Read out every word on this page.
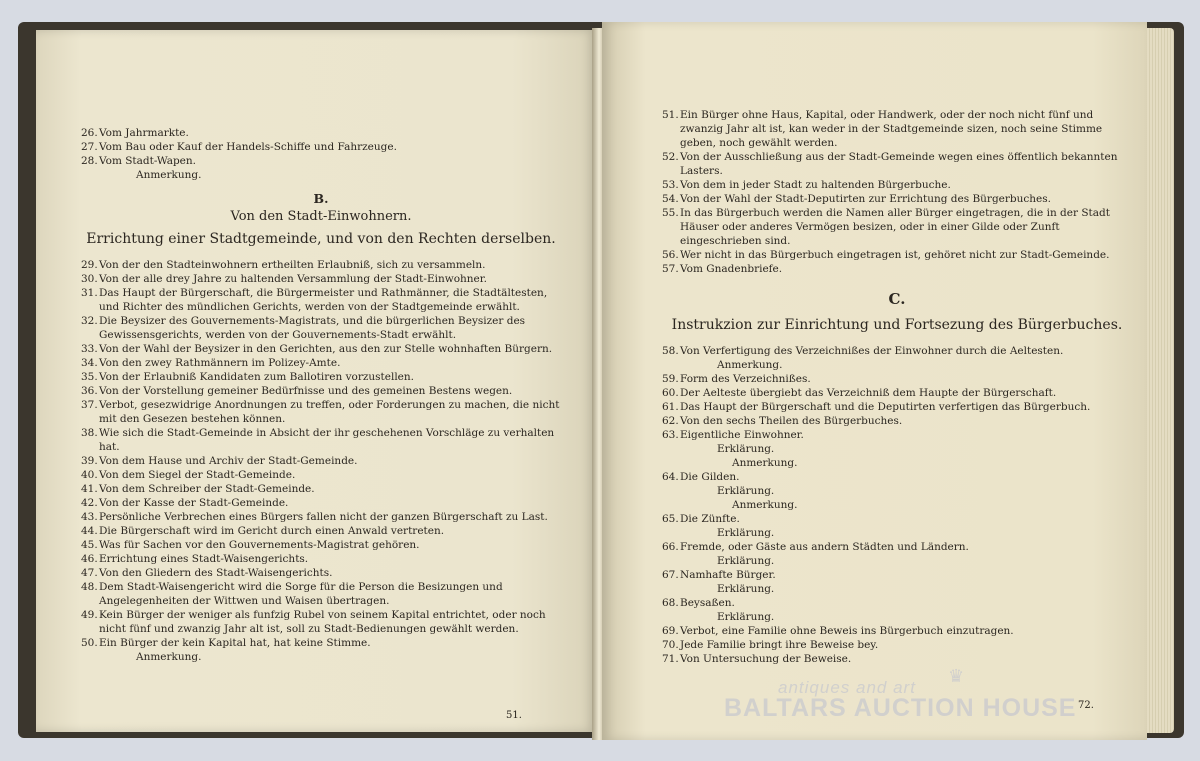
26. Vom Jahrmarkte.
27. Vom Bau oder Kauf der Handels-Schiffe und Fahrzeuge.
28. Vom Stadt-Wapen.
Anmerkung.
B.
Von den Stadt-Einwohnern.
Errichtung einer Stadtgemeinde, und von den Rechten derselben.
29. Von der den Stadteinwohnern ertheilten Erlaubniß, sich zu versammeln.
30. Von der alle drey Jahre zu haltenden Versammlung der Stadt-Einwohner.
31. Das Haupt der Bürgerschaft, die Bürgermeister und Rathmänner, die Stadtältesten, und Richter des mündlichen Gerichts, werden von der Stadtgemeinde erwählt.
32. Die Beysizer des Gouvernements-Magistrats, und die bürgerlichen Beysizer des Gewissensgerichts, werden von der Gouvernements-Stadt erwählt.
33. Von der Wahl der Beysizer in den Gerichten, aus den zur Stelle wohnhaften Bürgern.
34. Von den zwey Rathmännern im Polizey-Amte.
35. Von der Erlaubniß Kandidaten zum Ballotiren vorzustellen.
36. Von der Vorstellung gemeiner Bedürfnisse und des gemeinen Bestens wegen.
37. Verbot, gesezwidrige Anordnungen zu treffen, oder Forderungen zu machen, die nicht mit den Gesezen bestehen können.
38. Wie sich die Stadt-Gemeinde in Absicht der ihr geschehenen Vorschläge zu verhalten hat.
39. Von dem Hause und Archiv der Stadt-Gemeinde.
40. Von dem Siegel der Stadt-Gemeinde.
41. Von dem Schreiber der Stadt-Gemeinde.
42. Von der Kasse der Stadt-Gemeinde.
43. Persönliche Verbrechen eines Bürgers fallen nicht der ganzen Bürgerschaft zu Last.
44. Die Bürgerschaft wird im Gericht durch einen Anwald vertreten.
45. Was für Sachen vor den Gouvernements-Magistrat gehören.
46. Errichtung eines Stadt-Waisengerichts.
47. Von den Gliedern des Stadt-Waisengerichts.
48. Dem Stadt-Waisengericht wird die Sorge für die Person die Besizungen und Angelegenheiten der Wittwen und Waisen übertragen.
49. Kein Bürger der weniger als funfzig Rubel von seinem Kapital entrichtet, oder noch nicht fünf und zwanzig Jahr alt ist, soll zu Stadt-Bedienungen gewählt werden.
50. Ein Bürger der kein Kapital hat, hat keine Stimme.
Anmerkung.
51.
51. Ein Bürger ohne Haus, Kapital, oder Handwerk, oder der noch nicht fünf und zwanzig Jahr alt ist, kan weder in der Stadtgemeinde sizen, noch seine Stimme geben, noch gewählt werden.
52. Von der Ausschließung aus der Stadt-Gemeinde wegen eines öffentlich bekannten Lasters.
53. Von dem in jeder Stadt zu haltenden Bürgerbuche.
54. Von der Wahl der Stadt-Deputirten zur Errichtung des Bürgerbuches.
55. In das Bürgerbuch werden die Namen aller Bürger eingetragen, die in der Stadt Häuser oder anderes Vermögen besizen, oder in einer Gilde oder Zunft eingeschrieben sind.
56. Wer nicht in das Bürgerbuch eingetragen ist, gehöret nicht zur Stadt-Gemeinde.
57. Vom Gnadenbriefe.
C.
Instrukzion zur Einrichtung und Fortsezung des Bürgerbuches.
58. Von Verfertigung des Verzeichnißes der Einwohner durch die Aeltesten.
Anmerkung.
59. Form des Verzeichnißes.
60. Der Aelteste übergiebt das Verzeichniß dem Haupte der Bürgerschaft.
61. Das Haupt der Bürgerschaft und die Deputirten verfertigen das Bürgerbuch.
62. Von den sechs Theilen des Bürgerbuches.
63. Eigentliche Einwohner.
Erklärung.
Anmerkung.
64. Die Gilden.
Erklärung.
Anmerkung.
65. Die Zünfte.
Erklärung.
66. Fremde, oder Gäste aus andern Städten und Ländern.
Erklärung.
67. Namhafte Bürger.
Erklärung.
68. Beysaßen.
Erklärung.
69. Verbot, eine Familie ohne Beweis ins Bürgerbuch einzutragen.
70. Jede Familie bringt ihre Beweise bey.
71. Von Untersuchung der Beweise.
72.
♛
antiques and art
BALTARS AUCTION HOUSE
